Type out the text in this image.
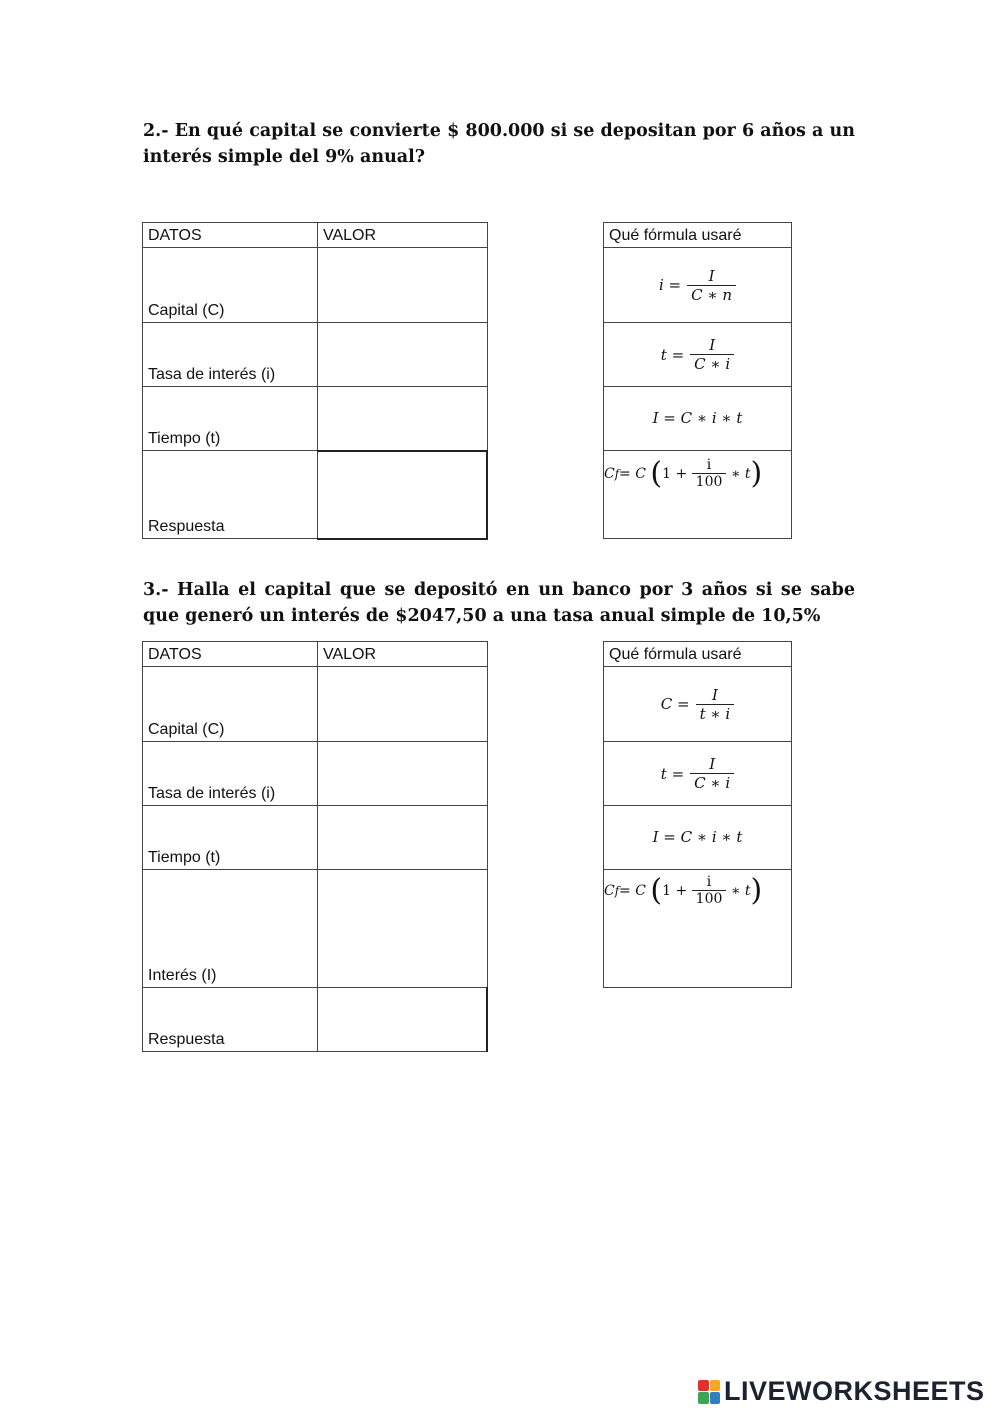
2.- En qué capital se convierte $ 800.000 si se depositan por 6 años a un interés simple del 9% anual?
DATOS	VALOR
Capital (C)	
Tasa de interés (i)	
Tiempo (t)	
Respuesta	
Qué fórmula usaré

$i = \frac{I}{C ∗ n}$

$t = \frac{I}{C ∗ i}$

I = C ∗ i ∗ t

C f = C
( 1 +
$\frac{i}{100}$
∗ t )
3.- Halla el capital que se depositó en un banco por 3 años si se sabe que generó un interés de $2047,50 a una tasa anual simple de 10,5%
DATOS	VALOR
Capital (C)	
Tasa de interés (i)	
Tiempo (t)	
Interés (I)	
Respuesta	
Qué fórmula usaré

$C = \frac{I}{t ∗ i}$

$t = \frac{I}{C ∗ i}$

I = C ∗ i ∗ t

C f = C
( 1 +
$\frac{i}{100}$
∗ t )
LIVEWORKSHEETS
